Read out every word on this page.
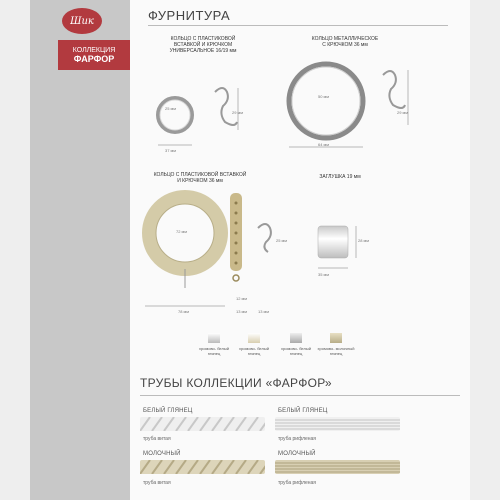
Шик
КОЛЛЕКЦИЯ
ФАРФОР
ФУРНИТУРА
КОЛЬЦО С ПЛАСТИКОВОЙ
ВСТАВКОЙ И КРЮЧКОМ
УНИВЕРСАЛЬНОЕ 16/19 мм
25 мм
37 мм
29 мм
КОЛЬЦО МЕТАЛЛИЧЕСКОЕ
С КРЮЧКОМ 36 мм
50 мм
64 мм
29 мм
КОЛЬЦО С ПЛАСТИКОВОЙ ВСТАВКОЙ
И КРЮЧКОМ 36 мм
72 мм
78 мм
25 мм
12 мм
13 мм	13 мм
ЗАГЛУШКА 19 мм
35 мм
28 мм
хромово- белый глянец
хромово- белый глянец
хромово- белый глянец
хромово- молочный глянец
ТРУБЫ КОЛЛЕКЦИИ «ФАРФОР»
БЕЛЫЙ ГЛЯНЕЦ
труба витая
БЕЛЫЙ ГЛЯНЕЦ
труба рифленая
МОЛОЧНЫЙ
труба витая
МОЛОЧНЫЙ
труба рифленая
